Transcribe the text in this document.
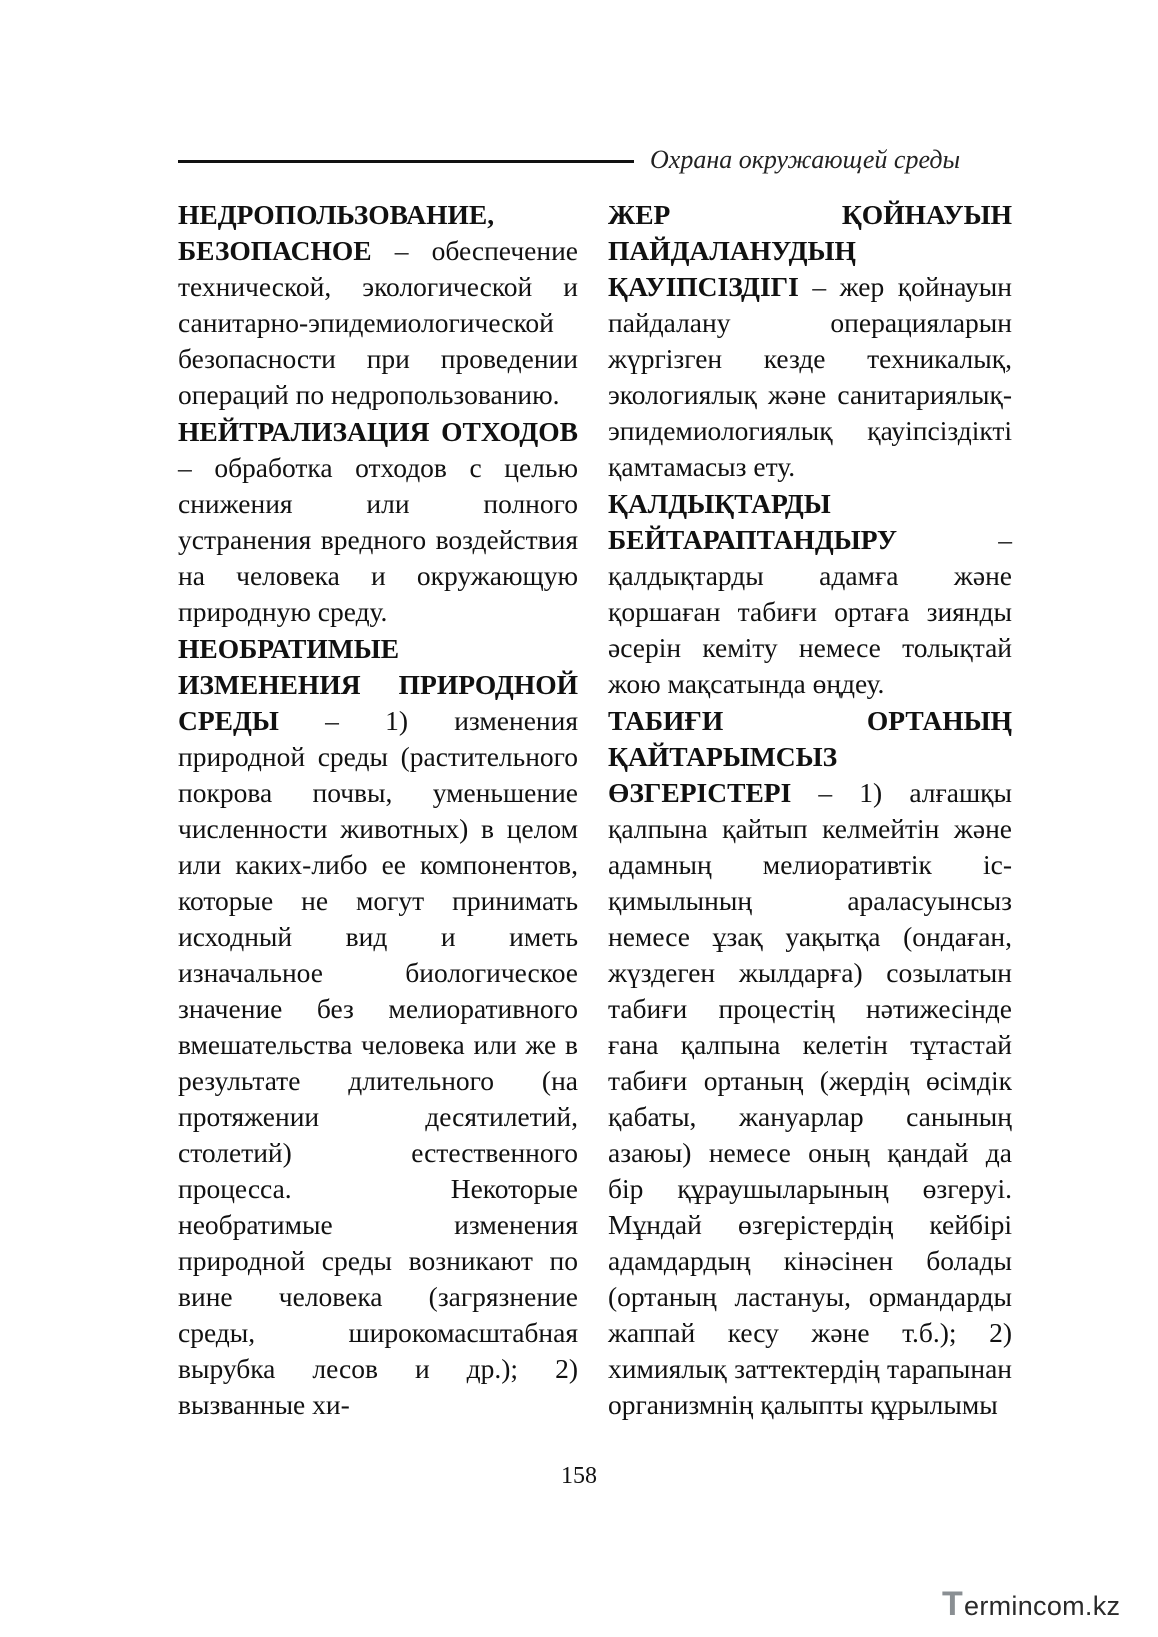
Охрана окружающей среды

НЕДРОПОЛЬЗОВАНИЕ, БЕЗОПАСНОЕ – обеспечение технической, экологической и санитарно-эпидемиологической безопасности при проведении операций по недропользованию.

НЕЙТРАЛИЗАЦИЯ ОТХОДОВ – обработка отходов с целью снижения или полного устранения вредного воздействия на человека и окружающую природную среду.

НЕОБРАТИМЫЕ ИЗМЕНЕНИЯ ПРИРОДНОЙ СРЕДЫ – 1) изменения природной среды (растительного покрова почвы, уменьшение численности животных) в целом или каких-либо ее компонентов, которые не могут принимать исходный вид и иметь изначальное биологическое значение без мелиоративного вмешательства человека или же в результате длительного (на протяжении десятилетий, столетий) естественного процесса. Некоторые необратимые изменения природной среды возникают по вине человека (загрязнение среды, широкомасштабная вырубка лесов и др.); 2) вызванные хи-

ЖЕР ҚОЙНАУЫН ПАЙДАЛАНУДЫҢ ҚАУІПСІЗДІГІ – жер қойнауын пайдалану операцияларын жүргізген кезде техникалық, экологиялық және санитариялық-эпидемиологиялық қауіпсіздікті қамтамасыз ету.

ҚАЛДЫҚТАРДЫ БЕЙТАРАПТАНДЫРУ – қалдықтарды адамға және қоршаған табиғи ортаға зиянды әсерін кеміту немесе толықтай жою мақсатында өңдеу.

ТАБИҒИ ОРТАНЫҢ ҚАЙТАРЫМСЫЗ ӨЗГЕРІСТЕРІ – 1) алғашқы қалпына қайтып келмейтін және адамның мелиоративтік іс-қимылының араласуынсыз немесе ұзақ уақытқа (ондаған, жүздеген жылдарға) созылатын табиғи процестің нәтижесінде ғана қалпына келетін тұтастай табиғи ортаның (жердің өсімдік қабаты, жануарлар санының азаюы) немесе оның қандай да бір құраушыларының өзгеруі. Мұндай өзгерістердің кейбірі адамдардың кінәсінен болады (ортаның ластануы, ормандарды жаппай кесу және т.б.); 2) химиялық заттектердің тарапынан организмнің қалыпты құрылымы

158
T ermincom.kz
